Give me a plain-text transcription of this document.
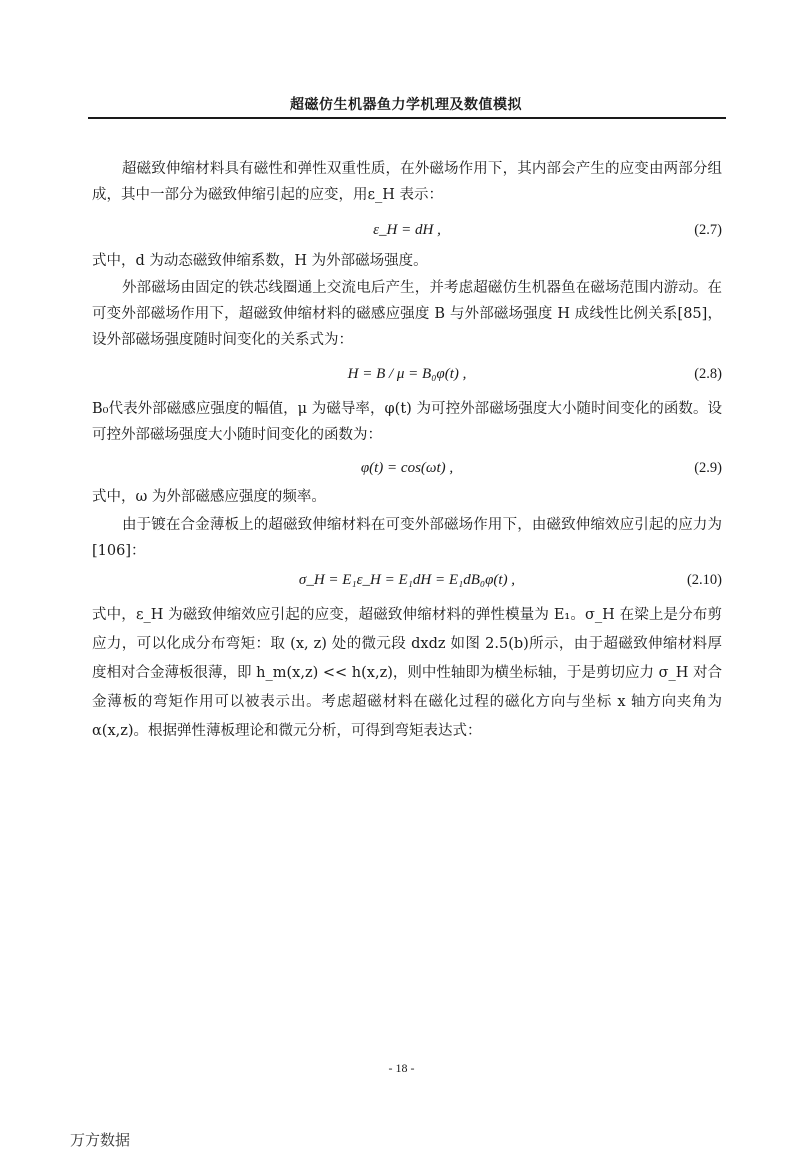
超磁仿生机器鱼力学机理及数值模拟

超磁致伸缩材料具有磁性和弹性双重性质，在外磁场作用下，其内部会产生的应变由两部分组成，其中一部分为磁致伸缩引起的应变，用ε_H 表示：

ε_H = dH ,	(2.7)

式中，d 为动态磁致伸缩系数，H 为外部磁场强度。

外部磁场由固定的铁芯线圈通上交流电后产生，并考虑超磁仿生机器鱼在磁场范围内游动。在可变外部磁场作用下，超磁致伸缩材料的磁感应强度 B 与外部磁场强度 H 成线性比例关系[85]，设外部磁场强度随时间变化的关系式为：

H = B / μ = B₀φ(t) ,	(2.8)

B₀代表外部磁感应强度的幅值，μ 为磁导率，φ(t) 为可控外部磁场强度大小随时间变化的函数。设可控外部磁场强度大小随时间变化的函数为：

φ(t) = cos(ωt) ,	(2.9)

式中，ω 为外部磁感应强度的频率。

由于镀在合金薄板上的超磁致伸缩材料在可变外部磁场作用下，由磁致伸缩效应引起的应力为[106]：

σ_H = E₁ε_H = E₁dH = E₁dB₀φ(t) ,	(2.10)

式中，ε_H 为磁致伸缩效应引起的应变，超磁致伸缩材料的弹性模量为 E₁。σ_H 在梁上是分布剪应力，可以化成分布弯矩：取 (x, z) 处的微元段 dxdz 如图 2.5(b)所示，由于超磁致伸缩材料厚度相对合金薄板很薄，即 h_m(x,z) << h(x,z)，则中性轴即为横坐标轴，于是剪切应力 σ_H 对合金薄板的弯矩作用可以被表示出。考虑超磁材料在磁化过程的磁化方向与坐标 x 轴方向夹角为 α(x,z)。根据弹性薄板理论和微元分析，可得到弯矩表达式：

- 18 -
万方数据
